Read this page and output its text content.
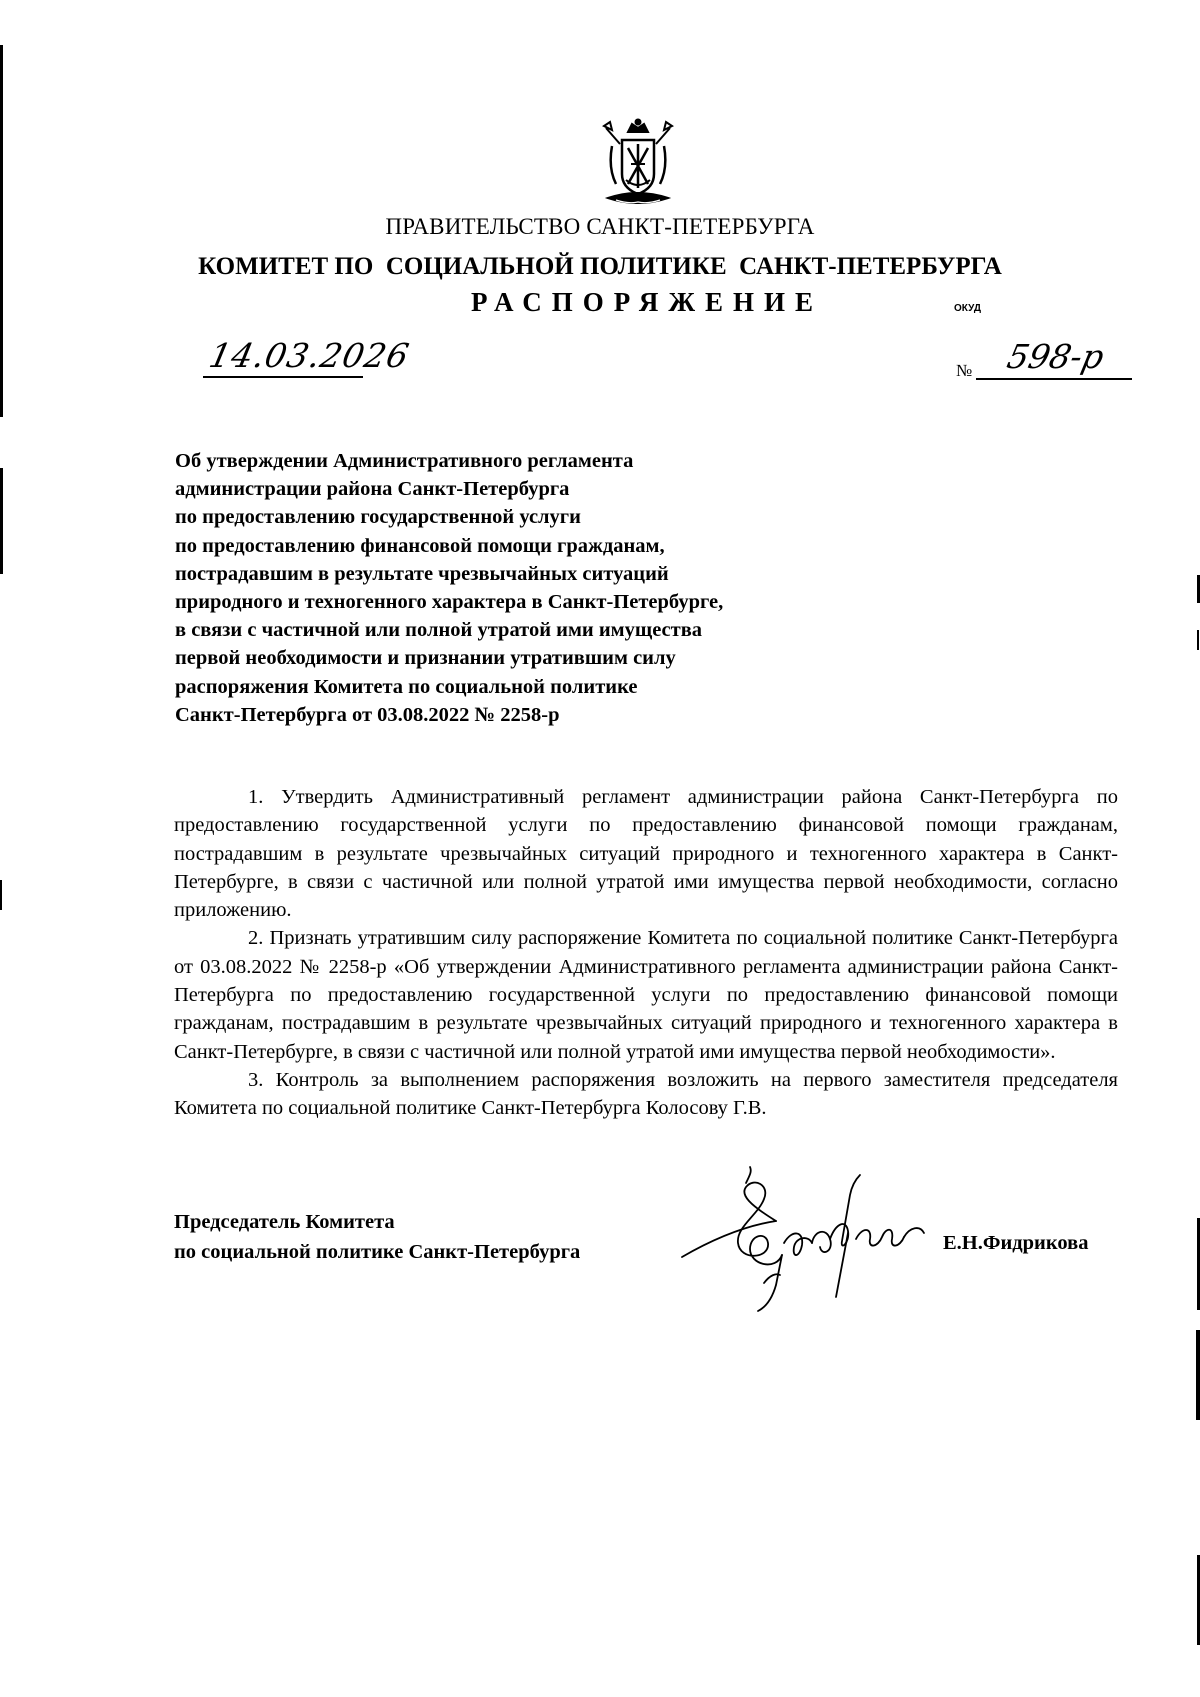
ПРАВИТЕЛЬСТВО САНКТ-ПЕТЕРБУРГА
КОМИТЕТ ПО  СОЦИАЛЬНОЙ ПОЛИТИКЕ  САНКТ-ПЕТЕРБУРГА
РАСПОРЯЖЕНИЕ	ОКУД
14.03.2026	№ 598-р
Об утверждении Административного регламента
администрации района Санкт-Петербурга
по предоставлению государственной услуги
по предоставлению финансовой помощи гражданам,
пострадавшим в результате чрезвычайных ситуаций
природного и техногенного характера в Санкт-Петербурге,
в связи с частичной или полной утратой ими имущества
первой необходимости и признании утратившим силу
распоряжения Комитета по социальной политике
Санкт-Петербурга от 03.08.2022 № 2258-р

1. Утвердить Административный регламент администрации района Санкт-Петербурга по предоставлению государственной услуги по предоставлению финансовой помощи гражданам, пострадавшим в результате чрезвычайных ситуаций природного и техногенного характера в Санкт-Петербурге, в связи с частичной или полной утратой ими имущества первой необходимости, согласно приложению.

2. Признать утратившим силу распоряжение Комитета по социальной политике Санкт-Петербурга от 03.08.2022 № 2258-р «Об утверждении Административного регламента администрации района Санкт-Петербурга по предоставлению государственной услуги по предоставлению финансовой помощи гражданам, пострадавшим в результате чрезвычайных ситуаций природного и техногенного характера в Санкт-Петербурге, в связи с частичной или полной утратой ими имущества первой необходимости».

3. Контроль за выполнением распоряжения возложить на первого заместителя председателя Комитета по социальной политике Санкт-Петербурга Колосову Г.В.

Председатель Комитета
по социальной политике Санкт-Петербурга	Е.Н.Фидрикова
